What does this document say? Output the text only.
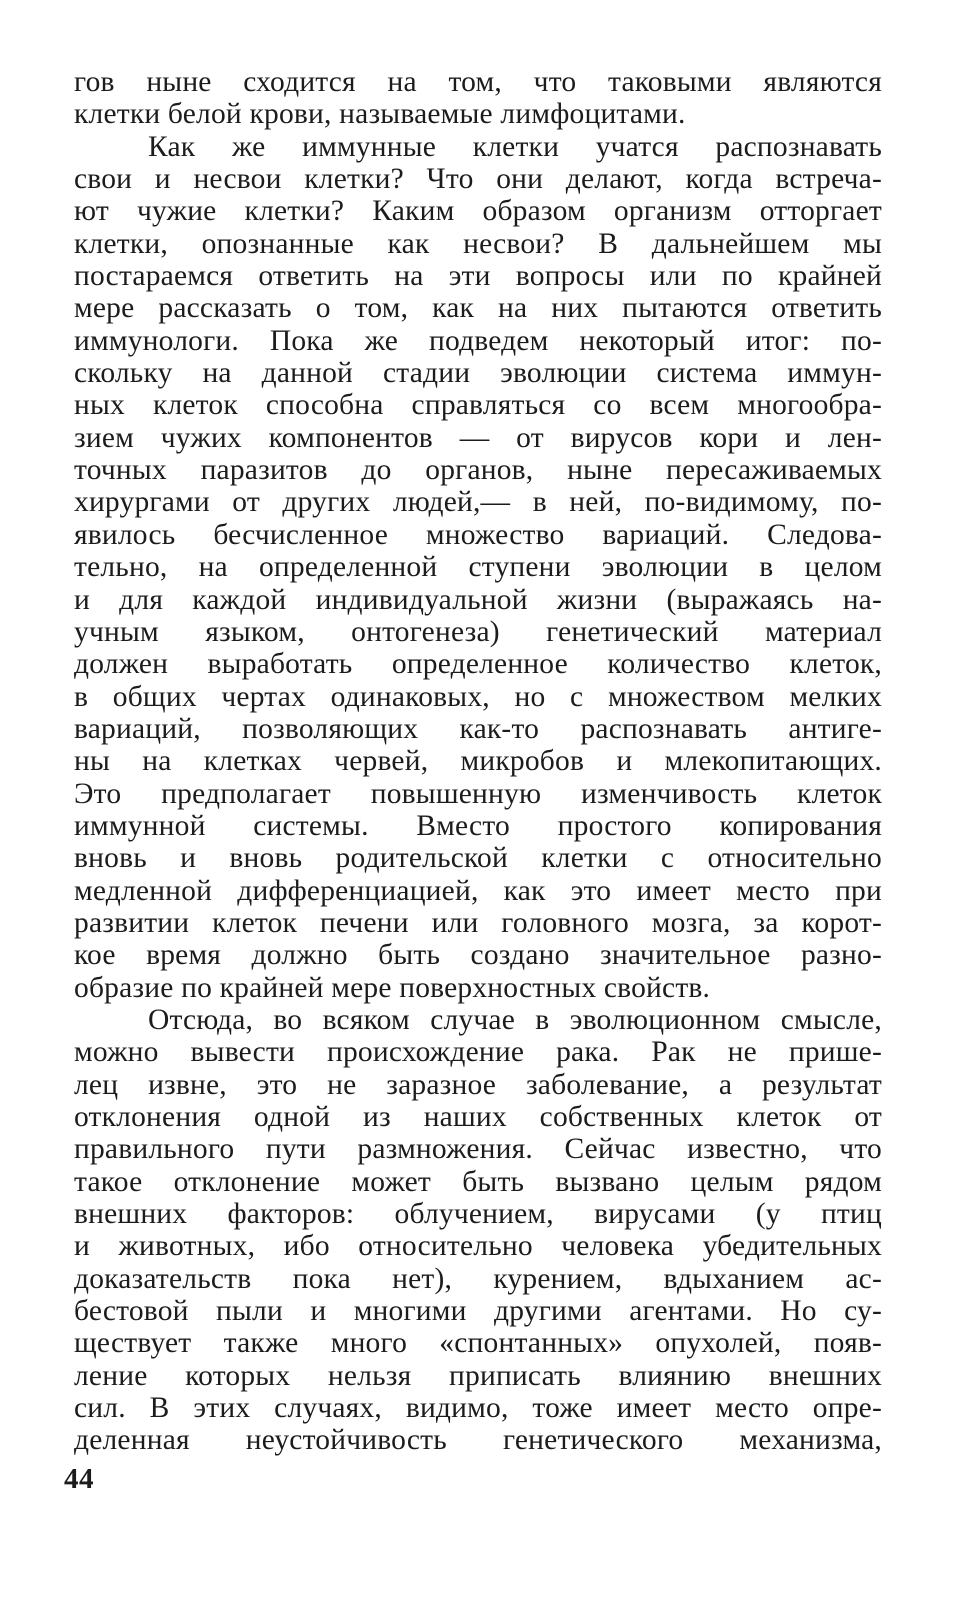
гов ныне сходится на том, что таковыми являются
клетки белой крови, называемые лимфоцитами.
Как же иммунные клетки учатся распознавать
свои и несвои клетки? Что они делают, когда встреча-
ют чужие клетки? Каким образом организм отторгает
клетки, опознанные как несвои? В дальнейшем мы
постараемся ответить на эти вопросы или по крайней
мере рассказать о том, как на них пытаются ответить
иммунологи. Пока же подведем некоторый итог: по-
скольку на данной стадии эволюции система иммун-
ных клеток способна справляться со всем многообра-
зием чужих компонентов — от вирусов кори и лен-
точных паразитов до органов, ныне пересаживаемых
хирургами от других людей,— в ней, по-видимому, по-
явилось бесчисленное множество вариаций. Следова-
тельно, на определенной ступени эволюции в целом
и для каждой индивидуальной жизни (выражаясь на-
учным языком, онтогенеза) генетический материал
должен выработать определенное количество клеток,
в общих чертах одинаковых, но с множеством мелких
вариаций, позволяющих как-то распознавать антиге-
ны на клетках червей, микробов и млекопитающих.
Это предполагает повышенную изменчивость клеток
иммунной системы. Вместо простого копирования
вновь и вновь родительской клетки с относительно
медленной дифференциацией, как это имеет место при
развитии клеток печени или головного мозга, за корот-
кое время должно быть создано значительное разно-
образие по крайней мере поверхностных свойств.
Отсюда, во всяком случае в эволюционном смысле,
можно вывести происхождение рака. Рак не прише-
лец извне, это не заразное заболевание, а результат
отклонения одной из наших собственных клеток от
правильного пути размножения. Сейчас известно, что
такое отклонение может быть вызвано целым рядом
внешних факторов: облучением, вирусами (у птиц
и животных, ибо относительно человека убедительных
доказательств пока нет), курением, вдыханием ас-
бестовой пыли и многими другими агентами. Но су-
ществует также много «спонтанных» опухолей, появ-
ление которых нельзя приписать влиянию внешних
сил. В этих случаях, видимо, тоже имеет место опре-
деленная неустойчивость генетического механизма,
44
